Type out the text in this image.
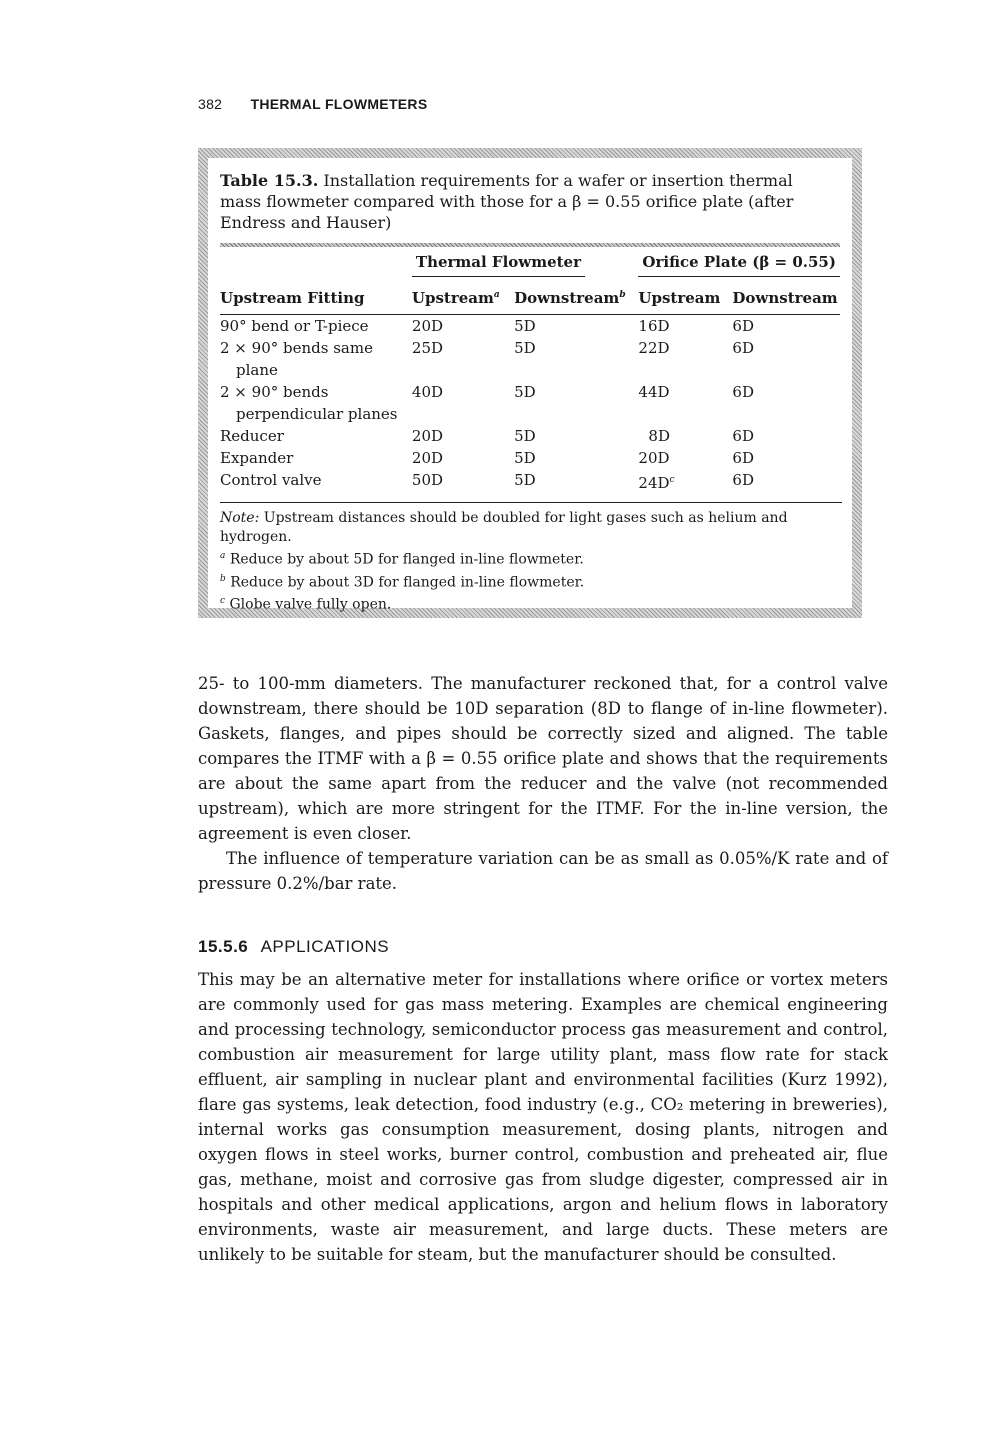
382 THERMAL FLOWMETERS

Table 15.3. Installation requirements for a wafer or insertion thermal mass flowmeter compared with those for a β = 0.55 orifice plate (after Endress and Hauser)

	Thermal Flowmeter		Orifice Plate (β = 0.55)	
Upstream Fitting	Upstream$^a$	Downstream$^b$	Upstream	Downstream
90° bend or T-piece	20D	5D	16D	6D
2 × 90° bends same
plane	25D	5D	22D	6D
2 × 90° bends
perpendicular planes	40D	5D	44D	6D
Reducer	20D	5D	8D	6D
Expander	20D	5D	20D	6D
Control valve	50D	5D	$24D^c$	6D
Note: Upstream distances should be doubled for light gases such as helium and hydrogen.
$^a$ Reduce by about 5D for flanged in-line flowmeter.
$^b$ Reduce by about 3D for flanged in-line flowmeter.
$^c$ Globe valve fully open.

25- to 100-mm diameters. The manufacturer reckoned that, for a control valve downstream, there should be 10D separation (8D to flange of in-line flowmeter). Gaskets, flanges, and pipes should be correctly sized and aligned. The table compares the ITMF with a β = 0.55 orifice plate and shows that the requirements are about the same apart from the reducer and the valve (not recommended upstream), which are more stringent for the ITMF. For the in-line version, the agreement is even closer.

The influence of temperature variation can be as small as 0.05%/K rate and of pressure 0.2%/bar rate.

15.5.6 APPLICATIONS

This may be an alternative meter for installations where orifice or vortex meters are commonly used for gas mass metering. Examples are chemical engineering and processing technology, semiconductor process gas measurement and control, combustion air measurement for large utility plant, mass flow rate for stack effluent, air sampling in nuclear plant and environmental facilities (Kurz 1992), flare gas systems, leak detection, food industry (e.g., CO₂ metering in breweries), internal works gas consumption measurement, dosing plants, nitrogen and oxygen flows in steel works, burner control, combustion and preheated air, flue gas, methane, moist and corrosive gas from sludge digester, compressed air in hospitals and other medical applications, argon and helium flows in laboratory environments, waste air measurement, and large ducts. These meters are unlikely to be suitable for steam, but the manufacturer should be consulted.
